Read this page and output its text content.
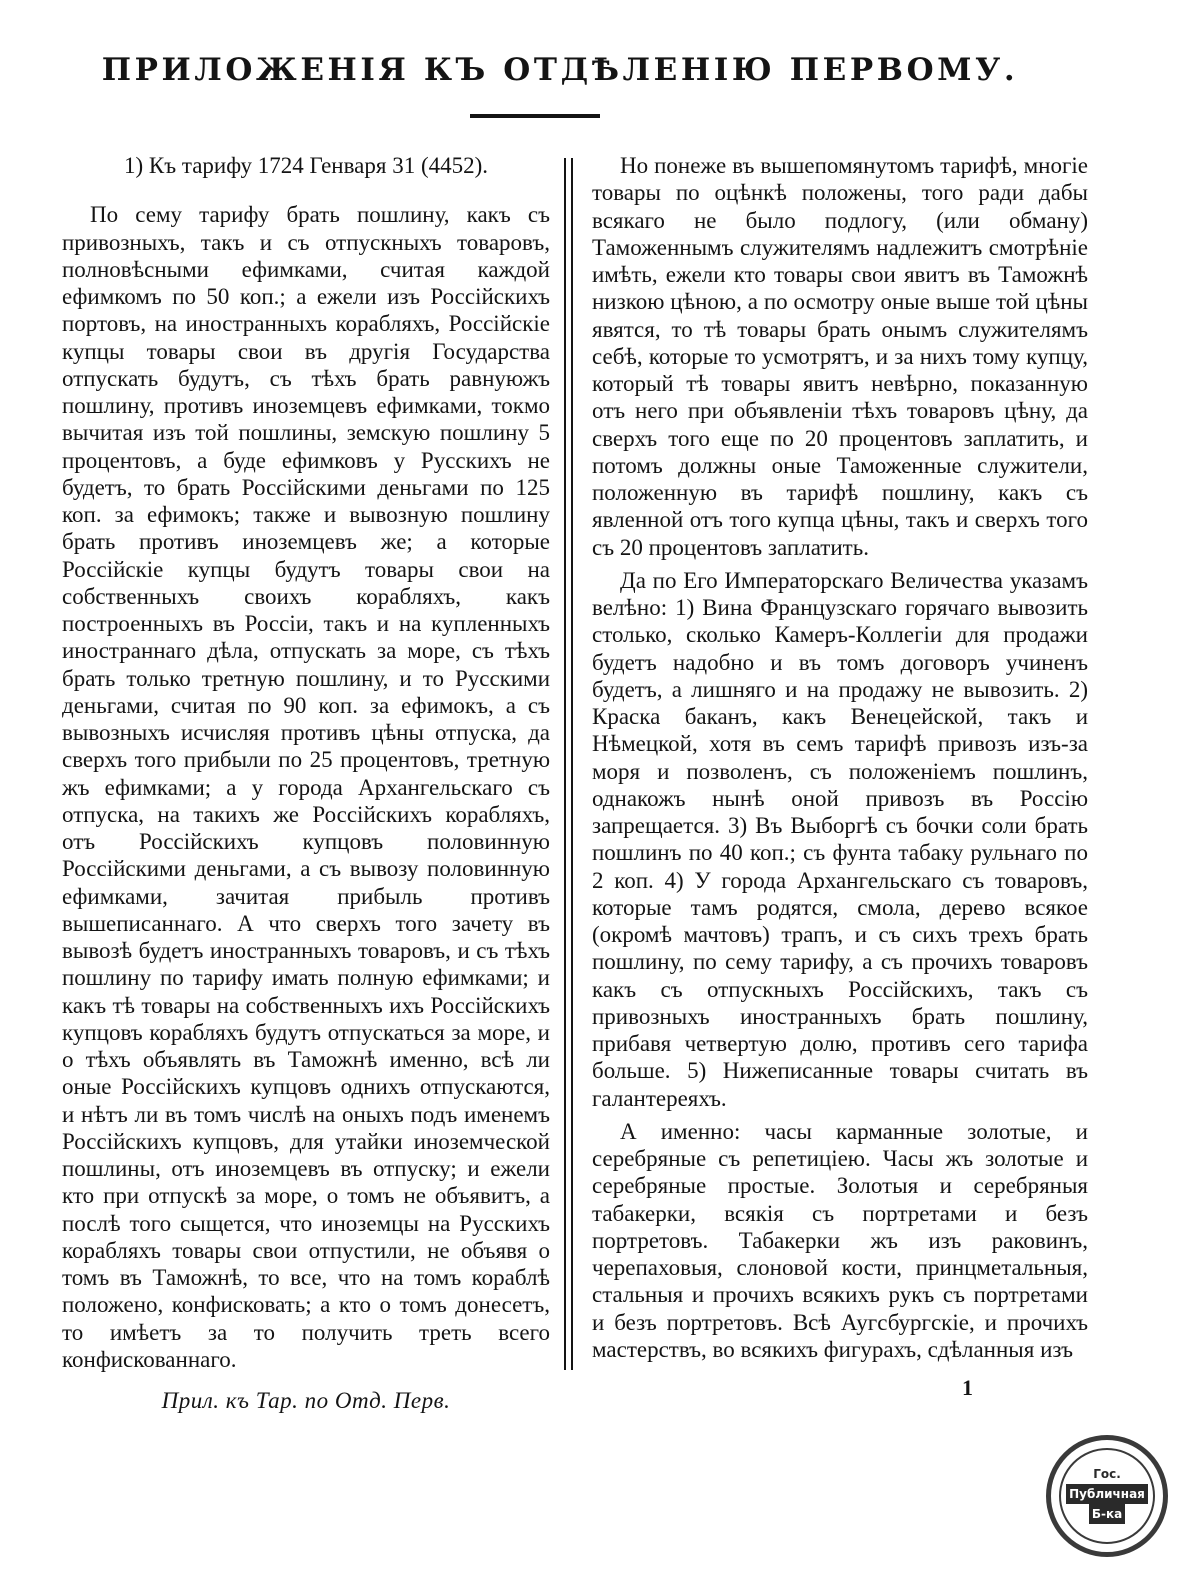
ПРИЛОЖЕНІЯ КЪ ОТДѢЛЕНІЮ ПЕРВОМУ.

1) Къ тарифу 1724 Генваря 31 (4452).

По сему тарифу брать пошлину, какъ съ привозныхъ, такъ и съ отпускныхъ товаровъ, полновѣсными ефимками, считая каждой ефимкомъ по 50 коп.; а ежели изъ Россійскихъ портовъ, на иностранныхъ корабляхъ, Россійскіе купцы товары свои въ другія Государства отпускать будутъ, съ тѣхъ брать равнуюжъ пошлину, противъ иноземцевъ ефимками, токмо вычитая изъ той пошлины, земскую пошлину 5 процентовъ, а буде ефимковъ у Русскихъ не будетъ, то брать Россійскими деньгами по 125 коп. за ефимокъ; также и вывозную пошлину брать противъ иноземцевъ же; а которые Россійскіе купцы будутъ товары свои на собственныхъ своихъ корабляхъ, какъ построенныхъ въ Россіи, такъ и на купленныхъ иностраннаго дѣла, отпускать за море, съ тѣхъ брать только третную пошлину, и то Русскими деньгами, считая по 90 коп. за ефимокъ, а съ вывозныхъ исчисляя противъ цѣны отпуска, да сверхъ того прибыли по 25 процентовъ, третную жъ ефимками; а у города Архангельскаго съ отпуска, на такихъ же Россійскихъ корабляхъ, отъ Россійскихъ купцовъ половинную Россійскими деньгами, а съ вывозу половинную ефимками, зачитая прибыль противъ вышеписаннаго. А что сверхъ того зачету въ вывозѣ будетъ иностранныхъ товаровъ, и съ тѣхъ пошлину по тарифу имать полную ефимками; и какъ тѣ товары на собственныхъ ихъ Россійскихъ купцовъ корабляхъ будутъ отпускаться за море, и о тѣхъ объявлять въ Таможнѣ именно, всѣ ли оные Россійскихъ купцовъ однихъ отпускаются, и нѣтъ ли въ томъ числѣ на оныхъ подъ именемъ Россійскихъ купцовъ, для утайки иноземческой пошлины, отъ иноземцевъ въ отпуску; и ежели кто при отпускѣ за море, о томъ не объявитъ, а послѣ того сыщется, что иноземцы на Русскихъ корабляхъ товары свои отпустили, не объявя о томъ въ Таможнѣ, то все, что на томъ кораблѣ положено, конфисковать; а кто о томъ донесетъ, то имѣетъ за то получить треть всего конфискованнаго.

Прил. къ Тар. по Отд. Перв.

Но понеже въ вышепомянутомъ тарифѣ, многіе товары по оцѣнкѣ положены, того ради дабы всякаго не было подлогу, (или обману) Таможеннымъ служителямъ надлежитъ смотрѣніе имѣть, ежели кто товары свои явитъ въ Таможнѣ низкою цѣною, а по осмотру оные выше той цѣны явятся, то тѣ товары брать онымъ служителямъ себѣ, которые то усмотрятъ, и за нихъ тому купцу, который тѣ товары явитъ невѣрно, показанную отъ него при объявленіи тѣхъ товаровъ цѣну, да сверхъ того еще по 20 процентовъ заплатить, и потомъ должны оные Таможенные служители, положенную въ тарифѣ пошлину, какъ съ явленной отъ того купца цѣны, такъ и сверхъ того съ 20 процентовъ заплатить.

Да по Его Императорскаго Величества указамъ велѣно: 1) Вина Французскаго горячаго вывозить столько, сколько Камеръ-Коллегіи для продажи будетъ надобно и въ томъ договоръ учиненъ будетъ, а лишняго и на продажу не вывозить. 2) Краска баканъ, какъ Венецейской, такъ и Нѣмецкой, хотя въ семъ тарифѣ привозъ изъ-за моря и позволенъ, съ положеніемъ пошлинъ, однакожъ нынѣ оной привозъ въ Россію запрещается. 3) Въ Выборгѣ съ бочки соли брать пошлинъ по 40 коп.; съ фунта табаку рульнаго по 2 коп. 4) У города Архангельскаго съ товаровъ, которые тамъ родятся, смола, дерево всякое (окромѣ мачтовъ) трапъ, и съ сихъ трехъ брать пошлину, по сему тарифу, а съ прочихъ товаровъ какъ съ отпускныхъ Россійскихъ, такъ съ привозныхъ иностранныхъ брать пошлину, прибавя четвертую долю, противъ сего тарифа больше. 5) Нижеписанные товары считать въ галантереяхъ.

А именно: часы карманные золотые, и серебряные съ репетиціею. Часы жъ золотые и серебряные простые. Золотыя и серебряныя табакерки, всякія съ портретами и безъ портретовъ. Табакерки жъ изъ раковинъ, черепаховыя, слоновой кости, принцметальныя, стальныя и прочихъ всякихъ рукъ съ портретами и безъ портретовъ. Всѣ Аугсбургскіе, и прочихъ мастерствъ, во всякихъ фигурахъ, сдѣланныя изъ

1
Гос.
Публичная
Б-ка
